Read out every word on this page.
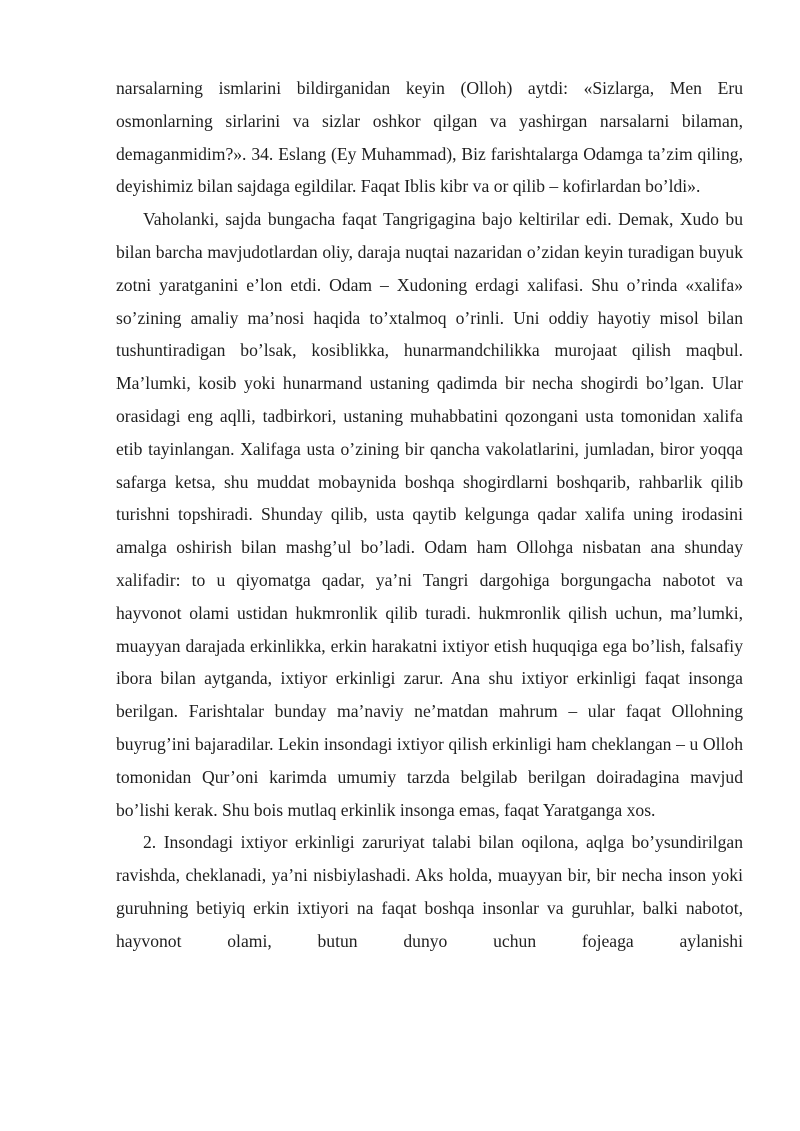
narsalarning ismlarini bildirganidan keyin (Olloh) aytdi: «Sizlarga, Men Eru osmonlarning sirlarini va sizlar oshkor qilgan va yashirgan narsalarni bilaman, demaganmidim?». 34. Eslang (Ey Muhammad), Biz farishtalarga Odamga ta’zim qiling, deyishimiz bilan sajdaga egildilar. Faqat Iblis kibr va or qilib – kofirlardan bo’ldi».

Vaholanki, sajda bungacha faqat Tangrigagina bajo keltirilar edi. Demak, Xudo bu bilan barcha mavjudotlardan oliy, daraja nuqtai nazaridan o’zidan keyin turadigan buyuk zotni yaratganini e’lon etdi. Odam – Xudoning erdagi xalifasi. Shu o’rinda «xalifa» so’zining amaliy ma’nosi haqida to’xtalmoq o’rinli. Uni oddiy hayotiy misol bilan tushuntiradigan bo’lsak, kosiblikka, hunarmandchilikka murojaat qilish maqbul. Ma’lumki, kosib yoki hunarmand ustaning qadimda bir necha shogirdi bo’lgan. Ular orasidagi eng aqlli, tadbirkori, ustaning muhabbatini qozongani usta tomonidan xalifa etib tayinlangan. Xalifaga usta o’zining bir qancha vakolatlarini, jumladan, biror yoqqa safarga ketsa, shu muddat mobaynida boshqa shogirdlarni boshqarib, rahbarlik qilib turishni topshiradi. Shunday qilib, usta qaytib kelgunga qadar xalifa uning irodasini amalga oshirish bilan mashg’ul bo’ladi. Odam ham Ollohga nisbatan ana shunday xalifadir: to u qiyomatga qadar, ya’ni Tangri dargohiga borgungacha nabotot va hayvonot olami ustidan hukmronlik qilib turadi. hukmronlik qilish uchun, ma’lumki, muayyan darajada erkinlikka, erkin harakatni ixtiyor etish huquqiga ega bo’lish, falsafiy ibora bilan aytganda, ixtiyor erkinligi zarur. Ana shu ixtiyor erkinligi faqat insonga berilgan. Farishtalar bunday ma’naviy ne’matdan mahrum – ular faqat Ollohning buyrug’ini bajaradilar. Lekin insondagi ixtiyor qilish erkinligi ham cheklangan – u Olloh tomonidan Qur’oni karimda umumiy tarzda belgilab berilgan doiradagina mavjud bo’lishi kerak. Shu bois mutlaq erkinlik insonga emas, faqat Yaratganga xos.

2. Insondagi ixtiyor erkinligi zaruriyat talabi bilan oqilona, aqlga bo’ysundirilgan ravishda, cheklanadi, ya’ni nisbiylashadi. Aks holda, muayyan bir, bir necha inson yoki guruhning betiyiq erkin ixtiyori na faqat boshqa insonlar va guruhlar, balki nabotot, hayvonot olami, butun dunyo uchun fojeaga aylanishi
